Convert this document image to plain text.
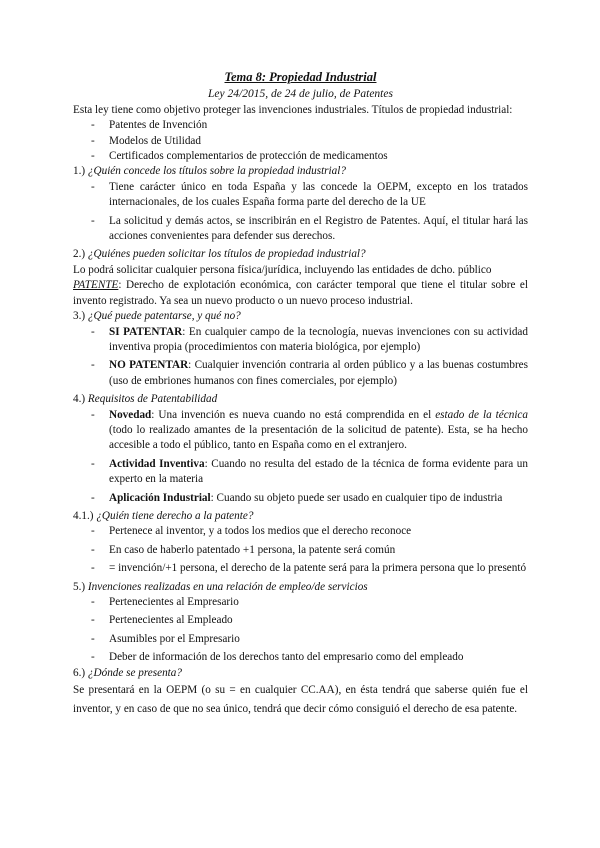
Tema 8: Propiedad Industrial
Ley 24/2015, de 24 de julio, de Patentes

Esta ley tiene como objetivo proteger las invenciones industriales. Títulos de propiedad industrial:

- Patentes de Invención
- Modelos de Utilidad
- Certificados complementarios de protección de medicamentos

1.) ¿Quién concede los títulos sobre la propiedad industrial?

- Tiene carácter único en toda España y las concede la OEPM, excepto en los tratados internacionales, de los cuales España forma parte del derecho de la UE
- La solicitud y demás actos, se inscribirán en el Registro de Patentes. Aquí, el titular hará las acciones convenientes para defender sus derechos.

2.) ¿Quiénes pueden solicitar los títulos de propiedad industrial?

Lo podrá solicitar cualquier persona física/jurídica, incluyendo las entidades de dcho. público

PATENTE: Derecho de explotación económica, con carácter temporal que tiene el titular sobre el invento registrado. Ya sea un nuevo producto o un nuevo proceso industrial.

3.) ¿Qué puede patentarse, y qué no?

- SI PATENTAR: En cualquier campo de la tecnología, nuevas invenciones con su actividad inventiva propia (procedimientos con materia biológica, por ejemplo)
- NO PATENTAR: Cualquier invención contraria al orden público y a las buenas costumbres (uso de embriones humanos con fines comerciales, por ejemplo)

4.) Requisitos de Patentabilidad

- Novedad: Una invención es nueva cuando no está comprendida en el estado de la técnica (todo lo realizado amantes de la presentación de la solicitud de patente). Esta, se ha hecho accesible a todo el público, tanto en España como en el extranjero.
- Actividad Inventiva: Cuando no resulta del estado de la técnica de forma evidente para un experto en la materia
- Aplicación Industrial: Cuando su objeto puede ser usado en cualquier tipo de industria

4.1.) ¿Quién tiene derecho a la patente?

- Pertenece al inventor, y a todos los medios que el derecho reconoce
- En caso de haberlo patentado +1 persona, la patente será común
- = invención/+1 persona, el derecho de la patente será para la primera persona que lo presentó

5.) Invenciones realizadas en una relación de empleo/de servicios

- Pertenecientes al Empresario
- Pertenecientes al Empleado
- Asumibles por el Empresario
- Deber de información de los derechos tanto del empresario como del empleado

6.) ¿Dónde se presenta?

Se presentará en la OEPM (o su = en cualquier CC.AA), en ésta tendrá que saberse quién fue el inventor, y en caso de que no sea único, tendrá que decir cómo consiguió el derecho de esa patente.
